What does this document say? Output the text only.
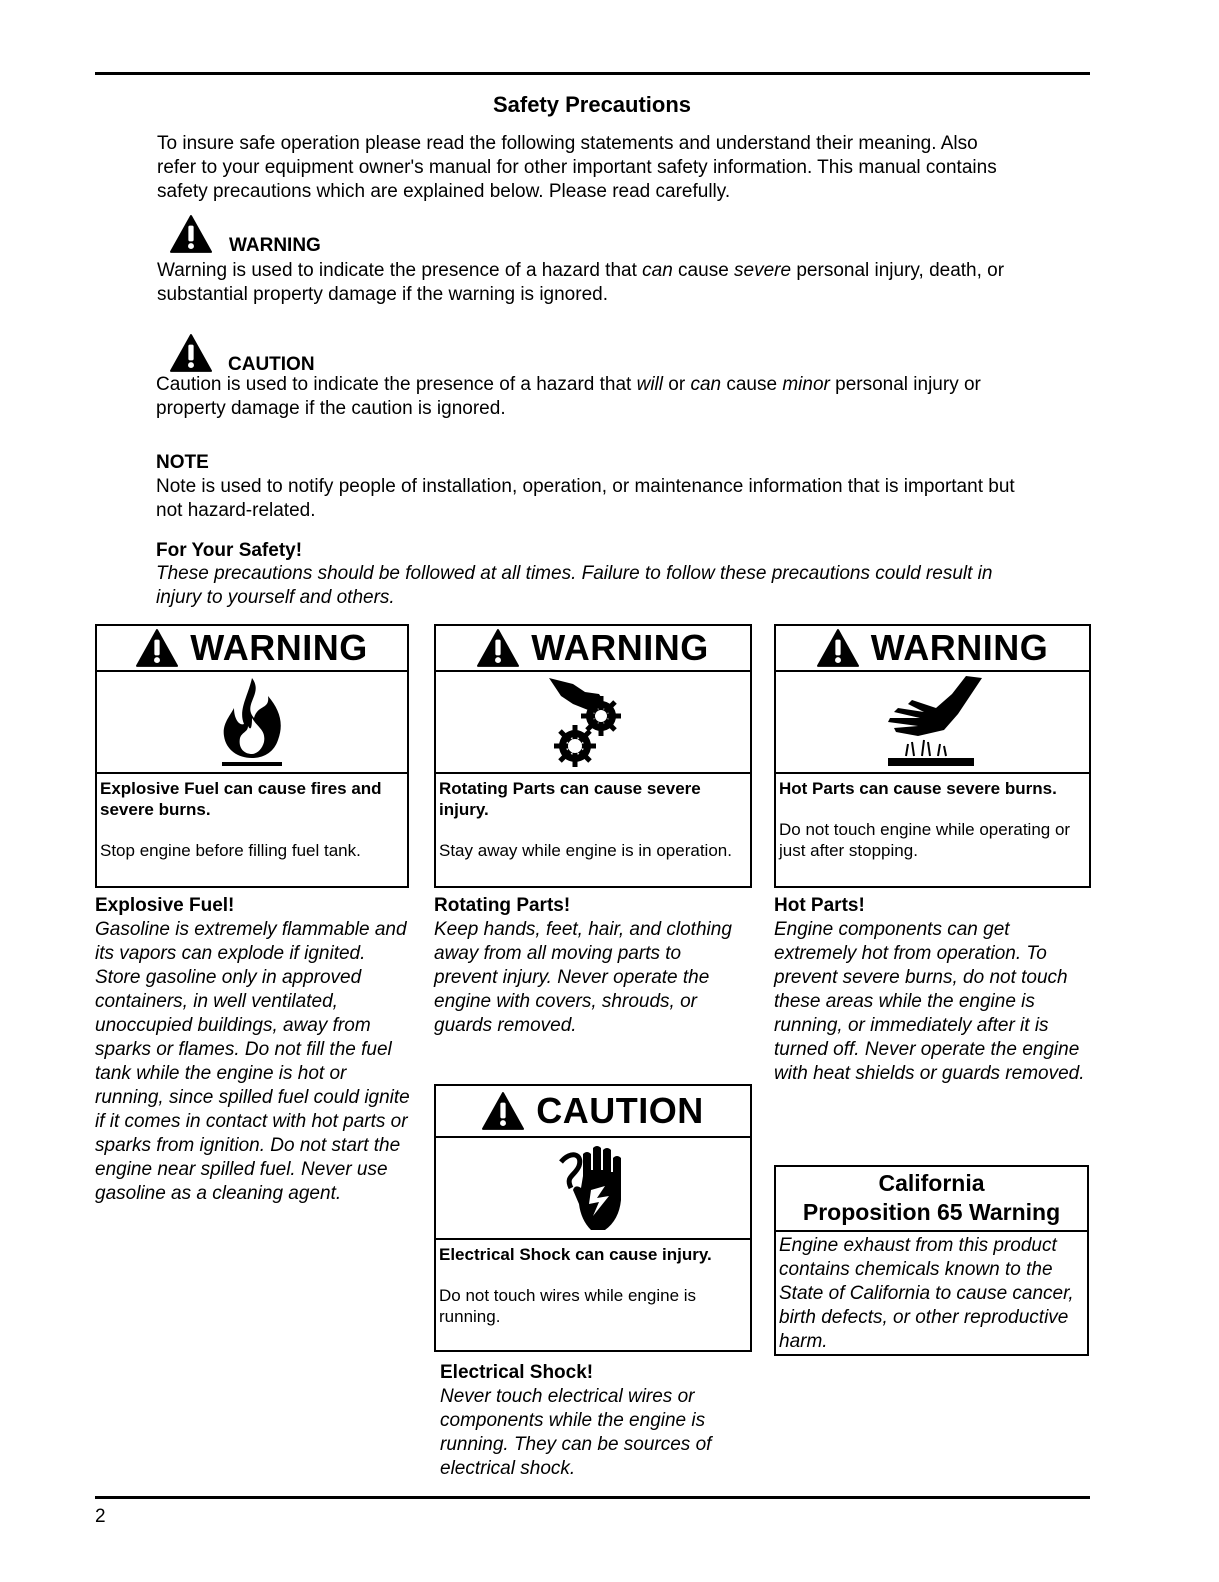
Safety Precautions
To insure safe operation please read the following statements and understand their meaning. Also refer to your equipment owner's manual for other important safety information. This manual contains safety precautions which are explained below. Please read carefully.
WARNING
Warning is used to indicate the presence of a hazard that can cause severe personal injury, death, or substantial property damage if the warning is ignored.
CAUTION
Caution is used to indicate the presence of a hazard that will or can cause minor personal injury or property damage if the caution is ignored.
NOTE
Note is used to notify people of installation, operation, or maintenance information that is important but not hazard-related.
For Your Safety!
These precautions should be followed at all times. Failure to follow these precautions could result in injury to yourself and others.
WARNING
Explosive Fuel can cause fires and severe burns.
Stop engine before filling fuel tank.
WARNING
Rotating Parts can cause severe injury.
Stay away while engine is in operation.
WARNING
Hot Parts can cause severe burns.
Do not touch engine while operating or just after stopping.
Explosive Fuel!
Gasoline is extremely flammable and its vapors can explode if ignited. Store gasoline only in approved containers, in well ventilated, unoccupied buildings, away from sparks or flames. Do not fill the fuel tank while the engine is hot or running, since spilled fuel could ignite if it comes in contact with hot parts or sparks from ignition. Do not start the engine near spilled fuel. Never use gasoline as a cleaning agent.
Rotating Parts!
Keep hands, feet, hair, and clothing away from all moving parts to prevent injury. Never operate the engine with covers, shrouds, or guards removed.
Hot Parts!
Engine components can get extremely hot from operation. To prevent severe burns, do not touch these areas while the engine is running, or immediately after it is turned off. Never operate the engine with heat shields or guards removed.
CAUTION
Electrical Shock can cause injury.
Do not touch wires while engine is running.
Electrical Shock!
Never touch electrical wires or components while the engine is running. They can be sources of electrical shock.
California
Proposition 65 Warning
Engine exhaust from this product contains chemicals known to the State of California to cause cancer, birth defects, or other reproductive harm.
2
